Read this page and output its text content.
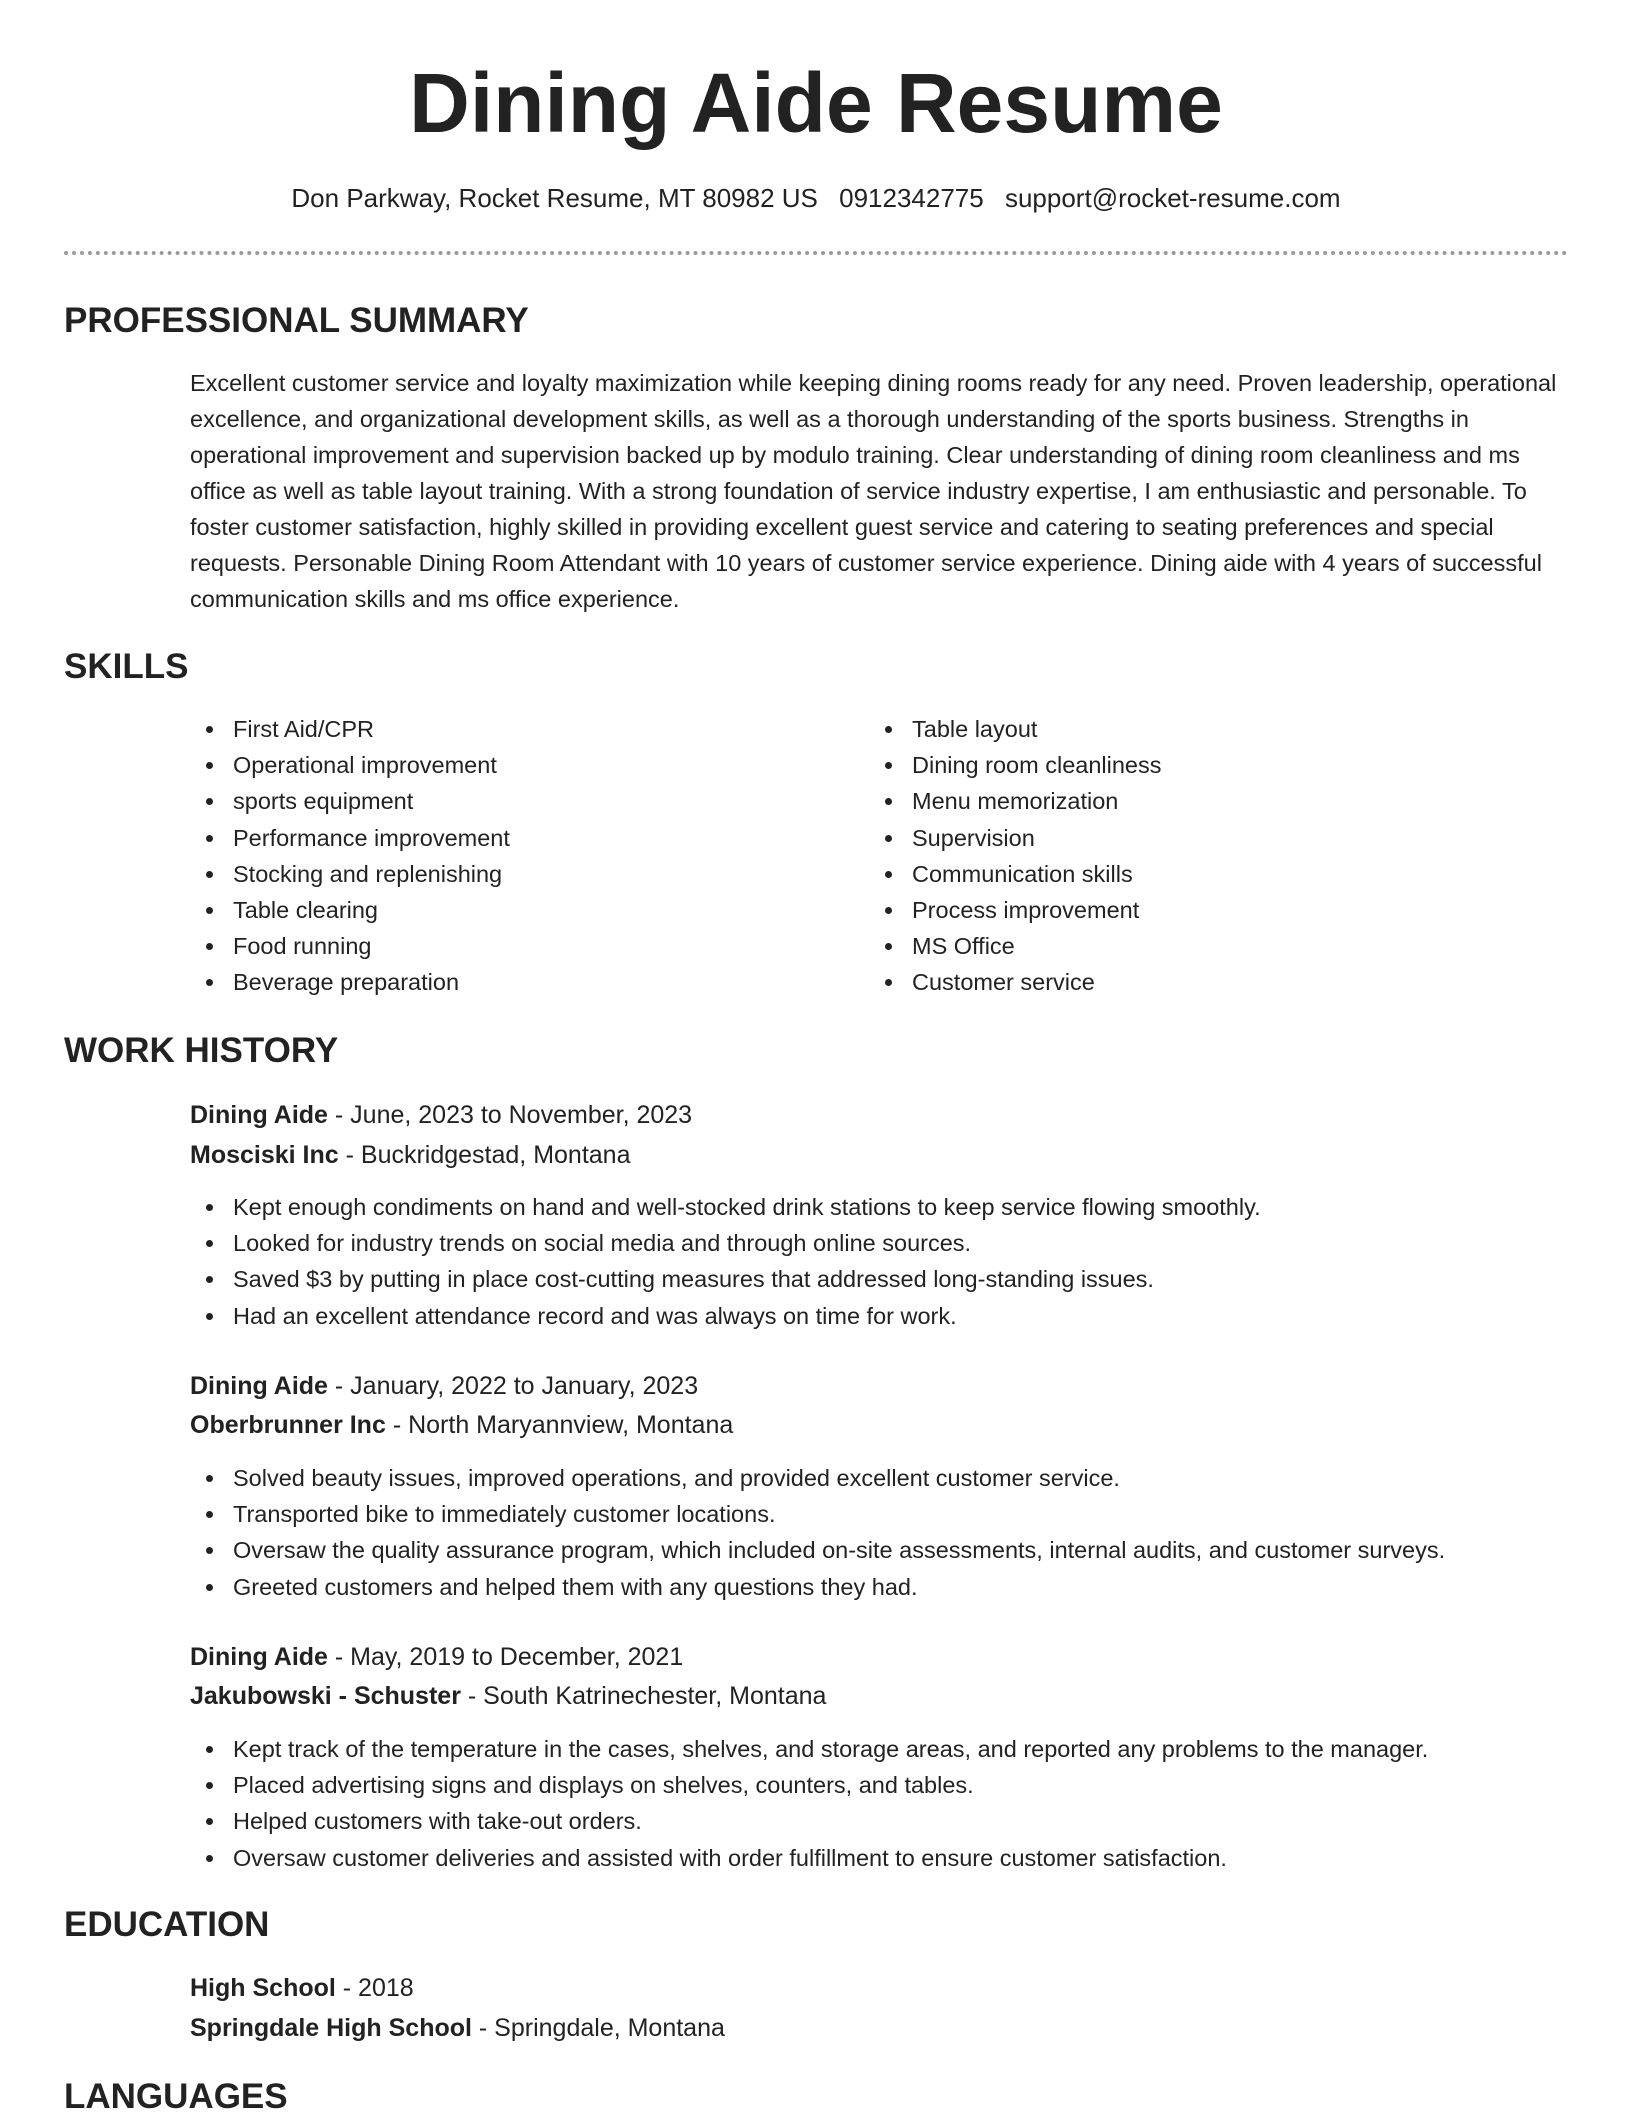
Dining Aide Resume
Don Parkway, Rocket Resume, MT 80982 US 0912342775 support@rocket-resume.com
PROFESSIONAL SUMMARY

Excellent customer service and loyalty maximization while keeping dining rooms ready for any need. Proven leadership, operational excellence, and organizational development skills, as well as a thorough understanding of the sports business. Strengths in operational improvement and supervision backed up by modulo training. Clear understanding of dining room cleanliness and ms office as well as table layout training. With a strong foundation of service industry expertise, I am enthusiastic and personable. To foster customer satisfaction, highly skilled in providing excellent guest service and catering to seating preferences and special requests. Personable Dining Room Attendant with 10 years of customer service experience. Dining aide with 4 years of successful communication skills and ms office experience.

SKILLS
First Aid/CPR
Operational improvement
sports equipment
Performance improvement
Stocking and replenishing
Table clearing
Food running
Beverage preparation
Table layout
Dining room cleanliness
Menu memorization
Supervision
Communication skills
Process improvement
MS Office
Customer service
WORK HISTORY
Dining Aide - June, 2023 to November, 2023
Mosciski Inc - Buckridgestad, Montana
Kept enough condiments on hand and well-stocked drink stations to keep service flowing smoothly.
Looked for industry trends on social media and through online sources.
Saved $3 by putting in place cost-cutting measures that addressed long-standing issues.
Had an excellent attendance record and was always on time for work.
Dining Aide - January, 2022 to January, 2023
Oberbrunner Inc - North Maryannview, Montana
Solved beauty issues, improved operations, and provided excellent customer service.
Transported bike to immediately customer locations.
Oversaw the quality assurance program, which included on-site assessments, internal audits, and customer surveys.
Greeted customers and helped them with any questions they had.
Dining Aide - May, 2019 to December, 2021
Jakubowski - Schuster - South Katrinechester, Montana
Kept track of the temperature in the cases, shelves, and storage areas, and reported any problems to the manager.
Placed advertising signs and displays on shelves, counters, and tables.
Helped customers with take-out orders.
Oversaw customer deliveries and assisted with order fulfillment to ensure customer satisfaction.
EDUCATION
High School - 2018
Springdale High School - Springdale, Montana
LANGUAGES
